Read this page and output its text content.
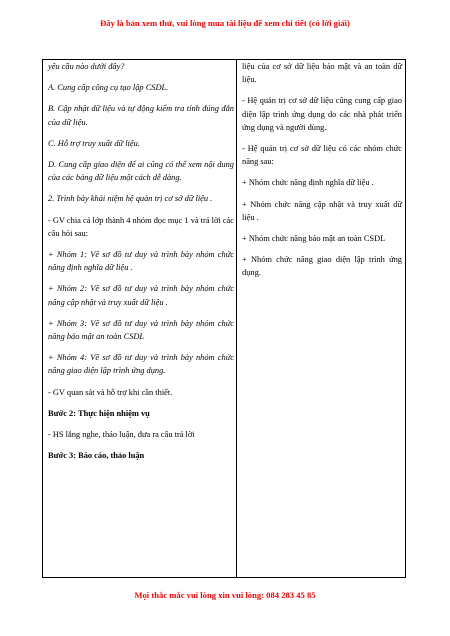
Đây là bản xem thử, vui lòng mua tài liệu để xem chi tiết (có lời giải)

yêu cầu nào dưới đây?

A. Cung cấp công cụ tạo lập CSDL.

B. Cập nhật dữ liệu và tự động kiểm tra tính đúng đắn của dữ liệu.

C. Hỗ trợ truy xuất dữ liệu.

D. Cung cấp giao diện để ai cũng có thể xem nội dung của các bảng dữ liệu một cách dễ dàng.

2. Trình bày khái niệm hệ quản trị cơ sở dữ liệu .

- GV chia cả lớp thành 4 nhóm đọc mục 1 và trả lời các câu hỏi sau:

+ Nhóm 1: Vẽ sơ đồ tư duy và trình bày nhóm chức năng định nghĩa dữ liệu .

+ Nhóm 2: Vẽ sơ đồ tư duy và trình bày nhóm chức năng cập nhật và truy xuất dữ liệu .

+ Nhóm 3: Vẽ sơ đồ tư duy và trình bày nhóm chức năng bảo mật an toàn CSDL

+ Nhóm 4: Vẽ sơ đồ tư duy và trình bày nhóm chức năng giao diện lập trình ứng dụng.

- GV quan sát và hỗ trợ khi cần thiết.

Bước 2: Thực hiện nhiệm vụ

- HS lắng nghe, thảo luận, đưa ra câu trả lời

Bước 3: Báo cáo, thảo luận

liệu của cơ sở dữ liệu bảo mật và an toàn dữ liệu.

- Hệ quản trị cơ sở dữ liệu cũng cung cấp giao diện lập trình ứng dụng do các nhà phát triển ứng dụng và người dùng.

- Hệ quản trị cơ sở dữ liệu có các nhóm chức năng sau:

+ Nhóm chức năng định nghĩa dữ liệu .

+ Nhóm chức năng cập nhật và truy xuất dữ liệu .

+ Nhóm chức năng bảo mật an toàn CSDL

+ Nhóm chức năng giao diện lập trình ứng dụng.

Mọi thắc mắc vui lòng xin vui lòng: 084 283 45 85
